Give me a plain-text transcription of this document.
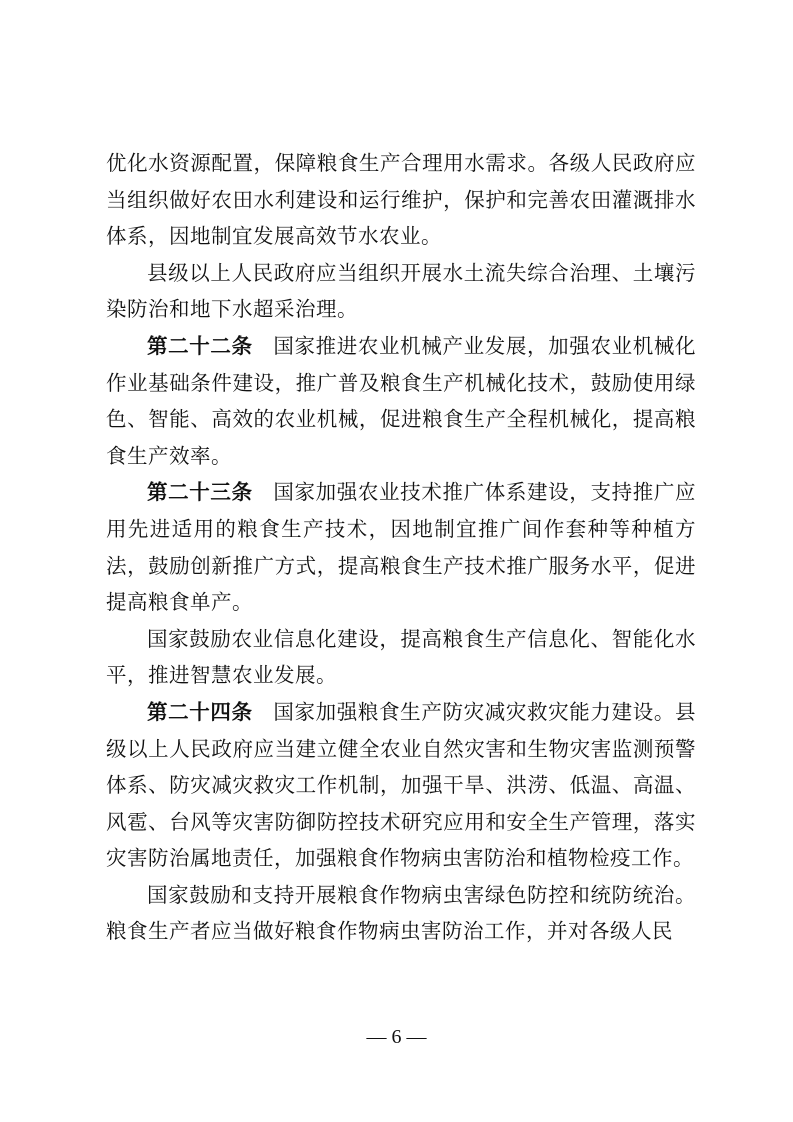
优化水资源配置，保障粮食生产合理用水需求。各级人民政府应当组织做好农田水利建设和运行维护，保护和完善农田灌溉排水体系，因地制宜发展高效节水农业。

县级以上人民政府应当组织开展水土流失综合治理、土壤污染防治和地下水超采治理。

第二十二条 国家推进农业机械产业发展，加强农业机械化作业基础条件建设，推广普及粮食生产机械化技术，鼓励使用绿色、智能、高效的农业机械，促进粮食生产全程机械化，提高粮食生产效率。

第二十三条 国家加强农业技术推广体系建设，支持推广应用先进适用的粮食生产技术，因地制宜推广间作套种等种植方法，鼓励创新推广方式，提高粮食生产技术推广服务水平，促进提高粮食单产。

国家鼓励农业信息化建设，提高粮食生产信息化、智能化水平，推进智慧农业发展。

第二十四条 国家加强粮食生产防灾减灾救灾能力建设。县级以上人民政府应当建立健全农业自然灾害和生物灾害监测预警体系、防灾减灾救灾工作机制，加强干旱、洪涝、低温、高温、风雹、台风等灾害防御防控技术研究应用和安全生产管理，落实灾害防治属地责任，加强粮食作物病虫害防治和植物检疫工作。

国家鼓励和支持开展粮食作物病虫害绿色防控和统防统治。粮食生产者应当做好粮食作物病虫害防治工作，并对各级人民

— 6 —
